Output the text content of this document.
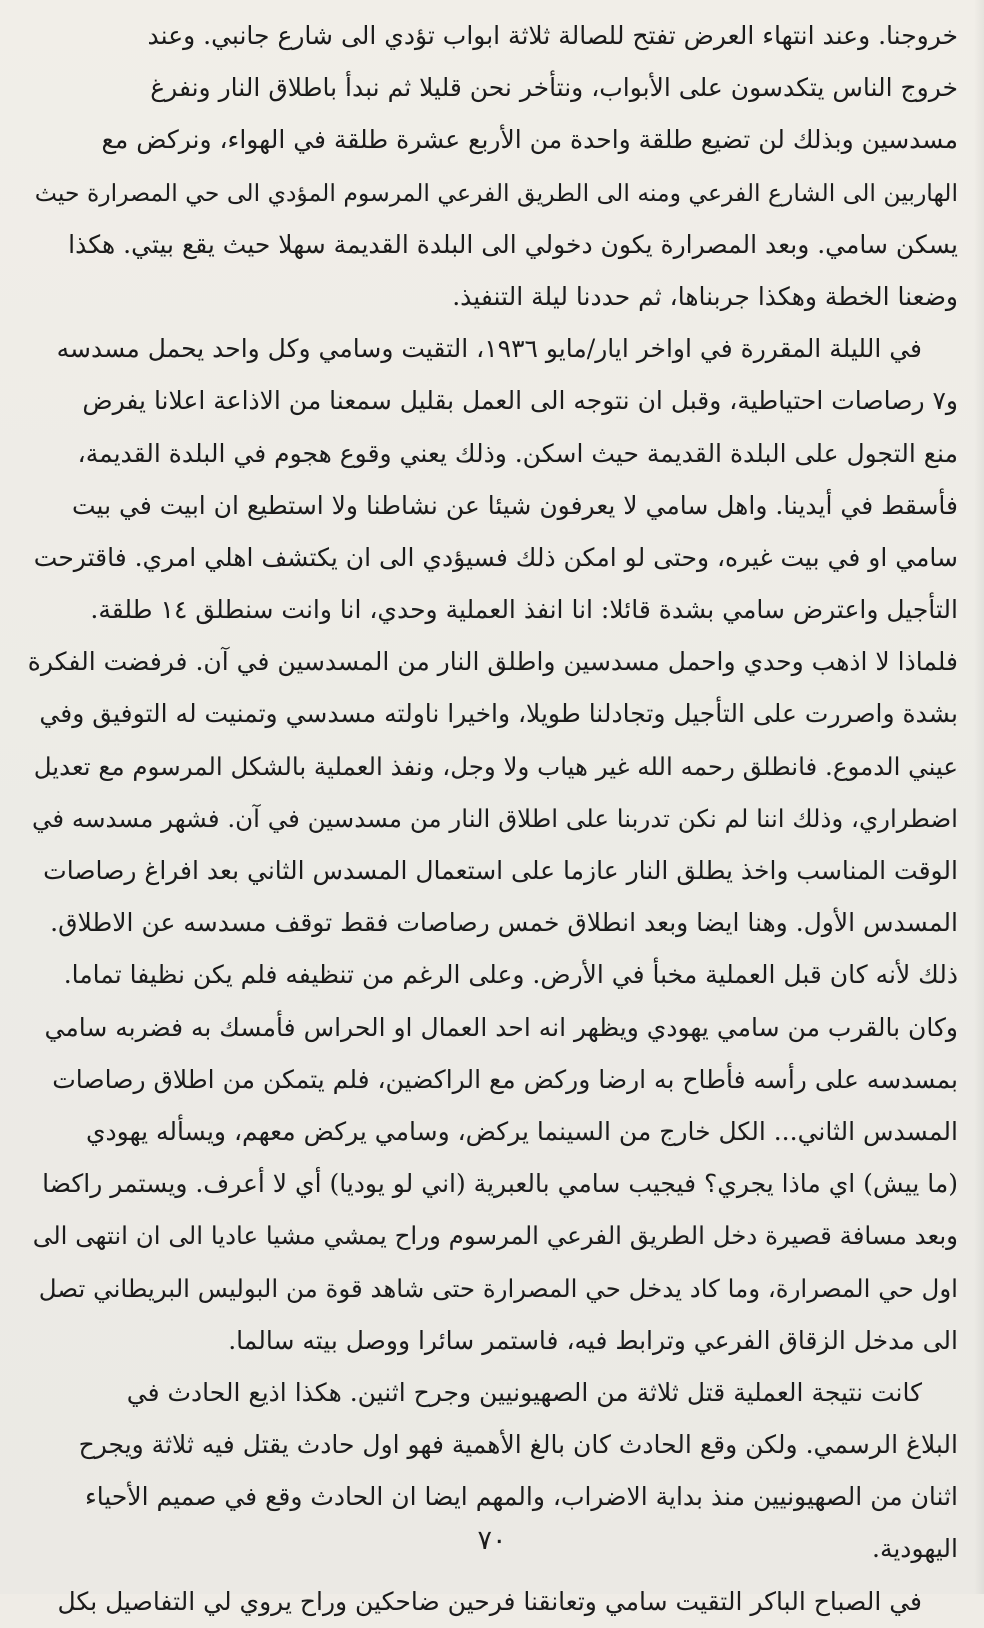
خروجنا. وعند انتهاء العرض تفتح للصالة ثلاثة ابواب تؤدي الى شارع جانبي. وعند
خروج الناس يتكدسون على الأبواب، ونتأخر نحن قليلا ثم نبدأ باطلاق النار ونفرغ
مسدسين وبذلك لن تضيع طلقة واحدة من الأربع عشرة طلقة في الهواء، ونركض مع
الهاربين الى الشارع الفرعي ومنه الى الطريق الفرعي المرسوم المؤدي الى حي المصرارة حيث
يسكن سامي. وبعد المصرارة يكون دخولي الى البلدة القديمة سهلا حيث يقع بيتي. هكذا
وضعنا الخطة وهكذا جربناها، ثم حددنا ليلة التنفيذ.
في الليلة المقررة في اواخر ايار/مايو ١٩٣٦، التقيت وسامي وكل واحد يحمل مسدسه
و٧ رصاصات احتياطية، وقبل ان نتوجه الى العمل بقليل سمعنا من الاذاعة اعلانا يفرض
منع التجول على البلدة القديمة حيث اسكن. وذلك يعني وقوع هجوم في البلدة القديمة،
فأسقط في أيدينا. واهل سامي لا يعرفون شيئا عن نشاطنا ولا استطيع ان ابيت في بيت
سامي او في بيت غيره، وحتى لو امكن ذلك فسيؤدي الى ان يكتشف اهلي امري. فاقترحت
التأجيل واعترض سامي بشدة قائلا: انا انفذ العملية وحدي، انا وانت سنطلق ١٤ طلقة.
فلماذا لا اذهب وحدي واحمل مسدسين واطلق النار من المسدسين في آن. فرفضت الفكرة
بشدة واصررت على التأجيل وتجادلنا طويلا، واخيرا ناولته مسدسي وتمنيت له التوفيق وفي
عيني الدموع. فانطلق رحمه الله غير هياب ولا وجل، ونفذ العملية بالشكل المرسوم مع تعديل
اضطراري، وذلك اننا لم نكن تدربنا على اطلاق النار من مسدسين في آن. فشهر مسدسه في
الوقت المناسب واخذ يطلق النار عازما على استعمال المسدس الثاني بعد افراغ رصاصات
المسدس الأول. وهنا ايضا وبعد انطلاق خمس رصاصات فقط توقف مسدسه عن الاطلاق.
ذلك لأنه كان قبل العملية مخبأ في الأرض. وعلى الرغم من تنظيفه فلم يكن نظيفا تماما.
وكان بالقرب من سامي يهودي ويظهر انه احد العمال او الحراس فأمسك به فضربه سامي
بمسدسه على رأسه فأطاح به ارضا وركض مع الراكضين، فلم يتمكن من اطلاق رصاصات
المسدس الثاني... الكل خارج من السينما يركض، وسامي يركض معهم، ويسأله يهودي
(ما ييش) اي ماذا يجري؟ فيجيب سامي بالعبرية (اني لو يوديا) أي لا أعرف. ويستمر راكضا
وبعد مسافة قصيرة دخل الطريق الفرعي المرسوم وراح يمشي مشيا عاديا الى ان انتهى الى
اول حي المصرارة، وما كاد يدخل حي المصرارة حتى شاهد قوة من البوليس البريطاني تصل
الى مدخل الزقاق الفرعي وترابط فيه، فاستمر سائرا ووصل بيته سالما.
كانت نتيجة العملية قتل ثلاثة من الصهيونيين وجرح اثنين. هكذا اذيع الحادث في
البلاغ الرسمي. ولكن وقع الحادث كان بالغ الأهمية فهو اول حادث يقتل فيه ثلاثة ويجرح
اثنان من الصهيونيين منذ بداية الاضراب، والمهم ايضا ان الحادث وقع في صميم الأحياء
اليهودية.
في الصباح الباكر التقيت سامي وتعانقنا فرحين ضاحكين وراح يروي لي التفاصيل بكل
٧٠
